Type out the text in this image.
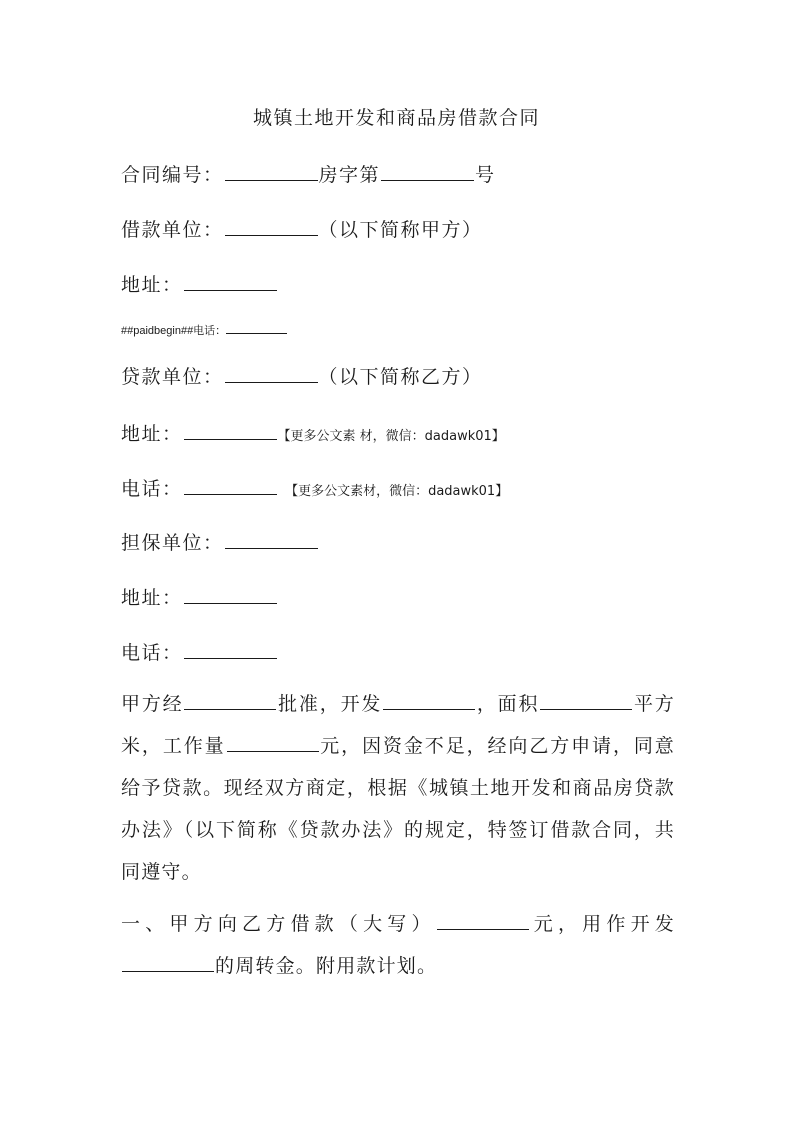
城镇土地开发和商品房借款合同
合同编号：	房字第	号
借款单位：	（以下简称甲方）
地址：
##paidbegin##电话：
贷款单位：	（以下简称乙方）
地址：	【更多公文素 材，微信：dadawk01】
电话：	【更多公文素材，微信：dadawk01】
担保单位：
地址：
电话：
甲方经	批准，开发	，面积	平方米，工作量	元，因资金不足，经向乙方申请，同意给予贷款。现经双方商定，根据《城镇土地开发和商品房贷款办法》（以下简称《贷款办法》的规定，特签订借款合同，共同遵守。
一、甲方向乙方借款（大写）	元，用作开发的周转金。附用款计划。
